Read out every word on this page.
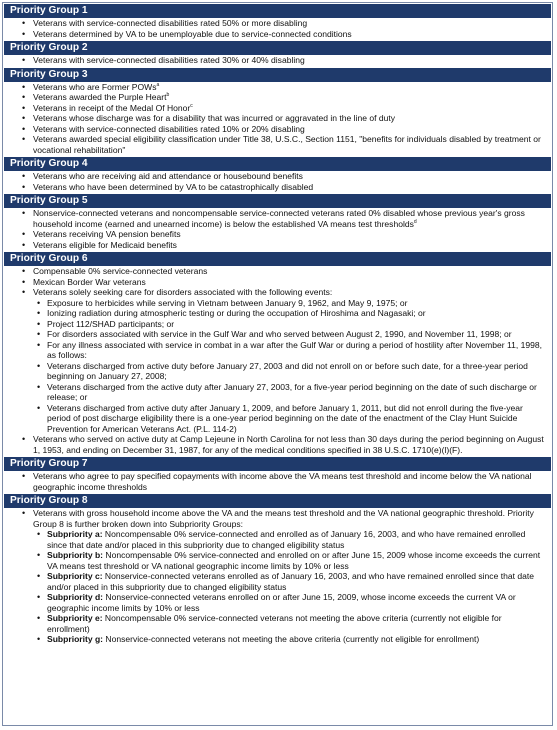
Priority Group 1
• Veterans with service-connected disabilities rated 50% or more disabling
• Veterans determined by VA to be unemployable due to service-connected conditions
Priority Group 2
• Veterans with service-connected disabilities rated 30% or 40% disabling
Priority Group 3
• Veterans who are Former POWs$^a$
• Veterans awarded the Purple Heart$^b$
• Veterans in receipt of the Medal Of Honor$^c$
• Veterans whose discharge was for a disability that was incurred or aggravated in the line of duty
• Veterans with service-connected disabilities rated 10% or 20% disabling
• Veterans awarded special eligibility classification under Title 38, U.S.C., Section 1151, "benefits for individuals disabled by treatment or vocational rehabilitation"
Priority Group 4
• Veterans who are receiving aid and attendance or housebound benefits
• Veterans who have been determined by VA to be catastrophically disabled
Priority Group 5
• Nonservice-connected veterans and noncompensable service-connected veterans rated 0% disabled whose previous year's gross household income (earned and unearned income) is below the established VA means test thresholds$^d$
• Veterans receiving VA pension benefits
• Veterans eligible for Medicaid benefits
Priority Group 6
• Compensable 0% service-connected veterans
• Mexican Border War veterans
• Veterans solely seeking care for disorders associated with the following events:
• Exposure to herbicides while serving in Vietnam between January 9, 1962, and May 9, 1975; or
• Ionizing radiation during atmospheric testing or during the occupation of Hiroshima and Nagasaki; or
• Project 112/SHAD participants; or
• For disorders associated with service in the Gulf War and who served between August 2, 1990, and November 11, 1998; or
• For any illness associated with service in combat in a war after the Gulf War or during a period of hostility after November 11, 1998, as follows:
• Veterans discharged from active duty before January 27, 2003 and did not enroll on or before such date, for a three-year period beginning on January 27, 2008;
• Veterans discharged from the active duty after January 27, 2003, for a five-year period beginning on the date of such discharge or release; or
• Veterans discharged from active duty after January 1, 2009, and before January 1, 2011, but did not enroll during the five-year period of post discharge eligibility there is a one-year period beginning on the date of the enactment of the Clay Hunt Suicide Prevention for American Veterans Act. (P.L. 114-2)
• Veterans who served on active duty at Camp Lejeune in North Carolina for not less than 30 days during the period beginning on August 1, 1953, and ending on December 31, 1987, for any of the medical conditions specified in 38 U.S.C. 1710(e)(l)(F).
Priority Group 7
• Veterans who agree to pay specified copayments with income above the VA means test threshold and income below the VA national geographic income thresholds
Priority Group 8
• Veterans with gross household income above the VA and the means test threshold and the VA national geographic threshold. Priority Group 8 is further broken down into Subpriority Groups:
• Subpriority a: Noncompensable 0% service-connected and enrolled as of January 16, 2003, and who have remained enrolled since that date and/or placed in this subpriority due to changed eligibility status
• Subpriority b: Noncompensable 0% service-connected and enrolled on or after June 15, 2009 whose income exceeds the current VA means test threshold or VA national geographic income limits by 10% or less
• Subpriority c: Nonservice-connected veterans enrolled as of January 16, 2003, and who have remained enrolled since that date and/or placed in this subpriority due to changed eligibility status
• Subpriority d: Nonservice-connected veterans enrolled on or after June 15, 2009, whose income exceeds the current VA or geographic income limits by 10% or less
• Subpriority e: Noncompensable 0% service-connected veterans not meeting the above criteria (currently not eligible for enrollment)
• Subpriority g: Nonservice-connected veterans not meeting the above criteria (currently not eligible for enrollment)
